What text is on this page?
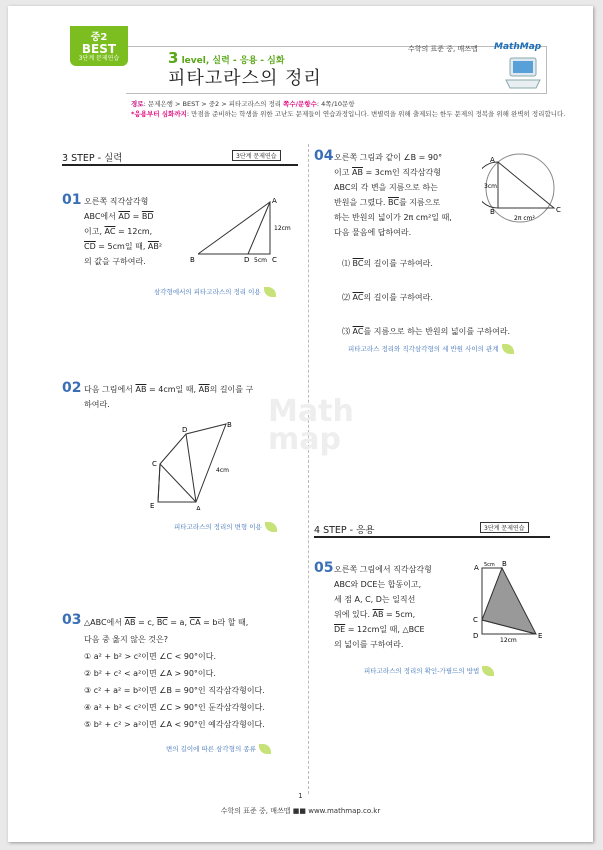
중2
BEST
3단계 문제연습	3 level, 실력 - 응용 - 심화
피타고라스의 정리
수학의 표준 중, 매쓰맵 MathMap
경로: 문제은행 > BEST > 중2 > 피타고라스의 정리 쪽수/문항수: 4쪽/10문항
*응용부터 심화까지: 만점을 준비하는 학생을 위한 고난도 문제들이 연습과정입니다. 변별력을 위해 출제되는 한두 문제의 정복을 위해 완벽히 정리합니다.
3 STEP - 실력	3단계 문제연습
01 오른쪽 직각삼각형
ABC에서 $\overline{AD} = \overline{BD}$
이고, $\overline{AC} = 12cm$,
$\overline{CD} = 5cm$일 때, $\overline{AB}^2$
의 값을 구하여라.	B
A
C
D
12cm
5cm
삼각형에서의 피타고라스의 정리 이용
02 다음 그림에서 $\overline{AB} = 4cm$일 때, $\overline{AB}$의 길이를 구
하여라.
E	A
C
D
B
4cm
피타고라스의 정리의 변형 이용
03 △ABC에서 $\overline{AB} = c$, $\overline{BC} = a$, $\overline{CA} = b$라 할 때,
다음 중 옳지 않은 것은?
① a² + b² > c²이면 ∠C < 90°이다.
② b² + c² < a²이면 ∠A > 90°이다.
③ c² + a² = b²이면 ∠B = 90°인 직각삼각형이다.
④ a² + b² < c²이면 ∠C > 90°인 둔각삼각형이다.
⑤ b² + c² > a²이면 ∠A < 90°인 예각삼각형이다.
변의 길이에 따른 삼각형의 종류
04 오른쪽 그림과 같이 ∠B = 90°
이고 $\overline{AB} = 3cm$인 직각삼각형
ABC의 각 변을 지름으로 하는
반원을 그렸다. $\overline{BC}$를 지름으로
하는 반원의 넓이가 2π cm²일 때,
다음 물음에 답하여라.
A
B	C
3cm
2π cm²
⑴ $\overline{BC}$의 길이를 구하여라.
⑵ $\overline{AC}$의 길이를 구하여라.
⑶ $\overline{AC}$를 지름으로 하는 반원의 넓이를 구하여라.
피타고라스 정리와 직각삼각형의 세 반원 사이의 관계
Math
map
4 STEP - 응용	3단계 문제연습
05 오른쪽 그림에서 직각삼각형
ABC와 DCE는 합동이고,
세 점 A, C, D는 일직선
위에 있다. $\overline{AB} = 5cm$,
$\overline{DE} = 12cm$일 때, △BCE
의 넓이를 구하여라.
A	B
C
D	E
5cm
12cm
피타고라스의 정리의 확인-가필드의 방법
1
수학의 표준 중, 매쓰맵 ■■ www.mathmap.co.kr
